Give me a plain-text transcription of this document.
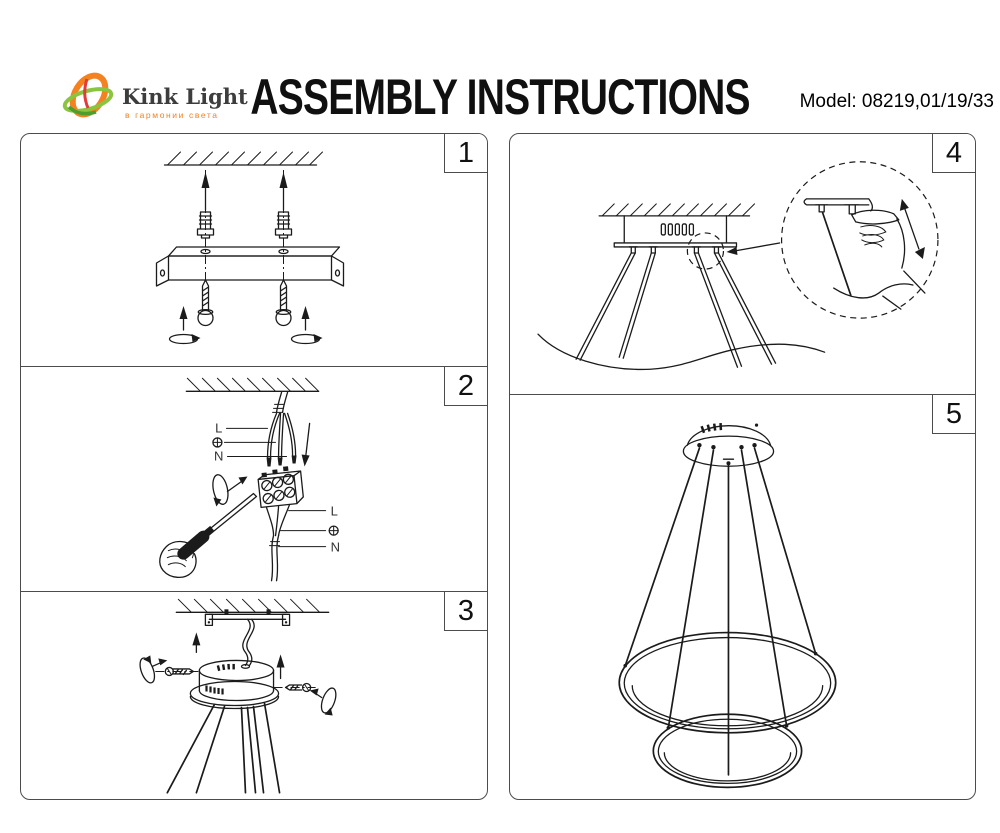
Kink Light
в гармонии света ASSEMBLY INSTRUCTIONS	Model: 08219,01/19/33
1
2
L
N
L
N
3
4
5
